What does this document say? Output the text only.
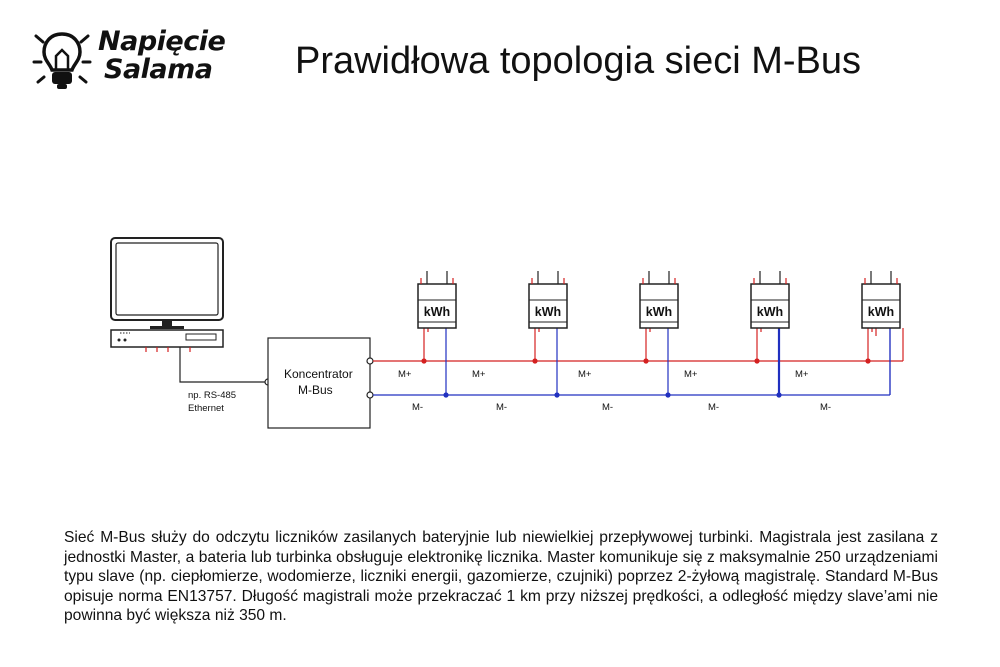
Napięcie
Salama	Prawidłowa topologia sieci M-Bus
np. RS-485
Ethernet
Koncentrator
M-Bus
kWh
M+
M-
kWh
M+
M-
kWh
M+
M-
kWh
M+
M-
kWh
M+
M-

Sieć M-Bus służy do odczytu liczników zasilanych bateryjnie lub niewielkiej przepływowej turbinki. Magistrala jest zasilana z jednostki Master, a bateria lub turbinka obsługuje elektronikę licznika. Master komunikuje się z maksymalnie 250 urządzeniami typu slave (np. ciepłomierze, wodomierze, liczniki energii, gazomierze, czujniki) poprzez 2-żyłową magistralę. Standard M-Bus opisuje norma EN13757. Długość magistrali może przekraczać 1 km przy niższej prędkości, a odległość między slave’ami nie powinna być większa niż 350 m.
